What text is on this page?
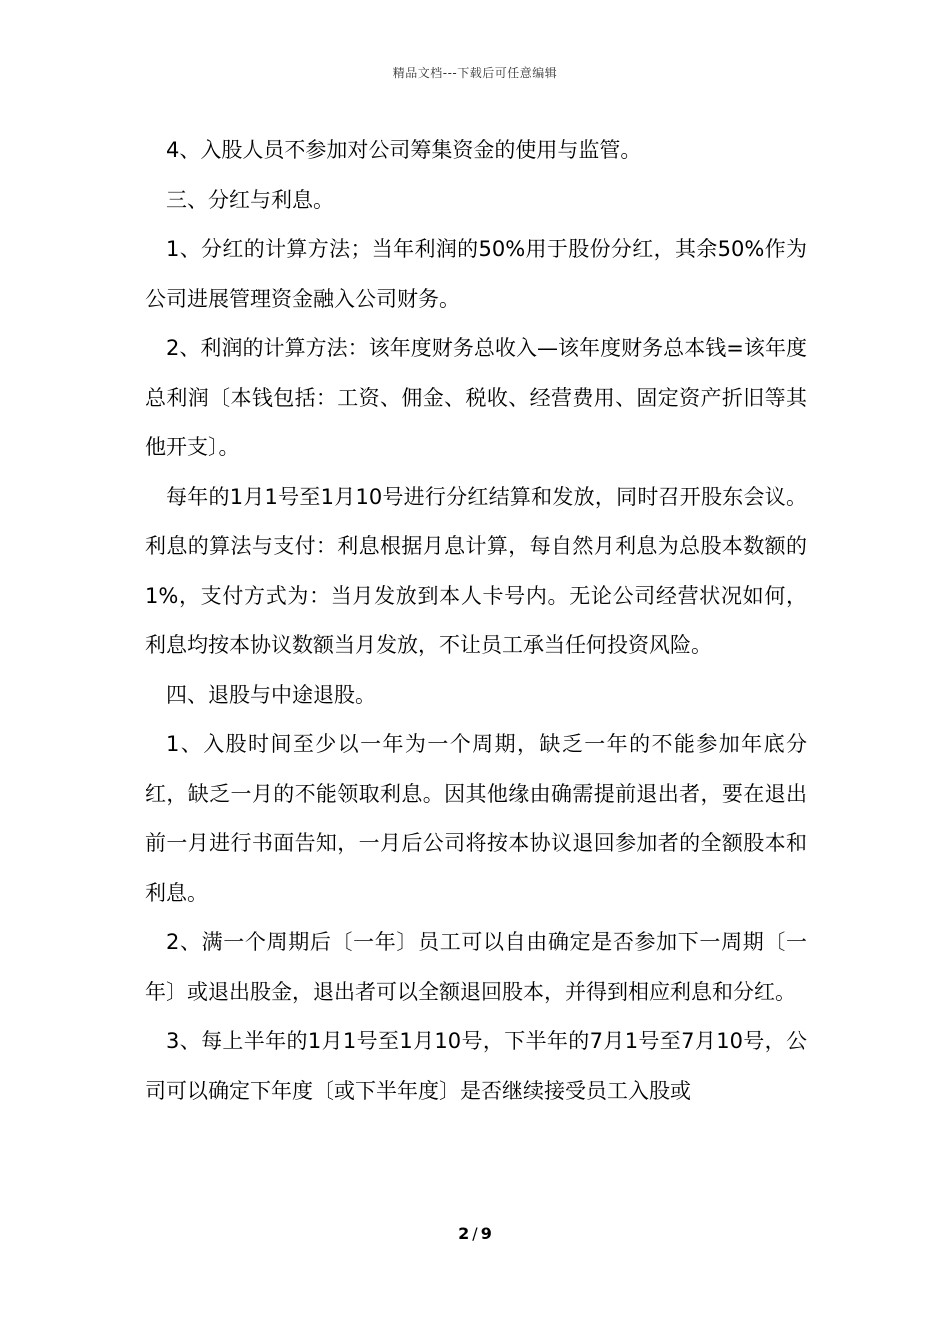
精品文档---下载后可任意编辑

4、入股人员不参加对公司筹集资金的使用与监管。

三、分红与利息。

1、分红的计算方法；当年利润的50%用于股份分红，其余50%作为公司进展管理资金融入公司财务。

2、利润的计算方法：该年度财务总收入—该年度财务总本钱=该年度总利润〔本钱包括：工资、佣金、税收、经营费用、固定资产折旧等其他开支〕。

每年的1月1号至1月10号进行分红结算和发放，同时召开股东会议。利息的算法与支付：利息根据月息计算，每自然月利息为总股本数额的1%，支付方式为：当月发放到本人卡号内。无论公司经营状况如何，利息均按本协议数额当月发放，不让员工承当任何投资风险。

四、退股与中途退股。

1、入股时间至少以一年为一个周期，缺乏一年的不能参加年底分红，缺乏一月的不能领取利息。因其他缘由确需提前退出者，要在退出前一月进行书面告知，一月后公司将按本协议退回参加者的全额股本和利息。

2、满一个周期后〔一年〕员工可以自由确定是否参加下一周期〔一年〕或退出股金，退出者可以全额退回股本，并得到相应利息和分红。

3、每上半年的1月1号至1月10号，下半年的7月1号至7月10号，公司可以确定下年度〔或下半年度〕是否继续接受员工入股或

2 / 9
